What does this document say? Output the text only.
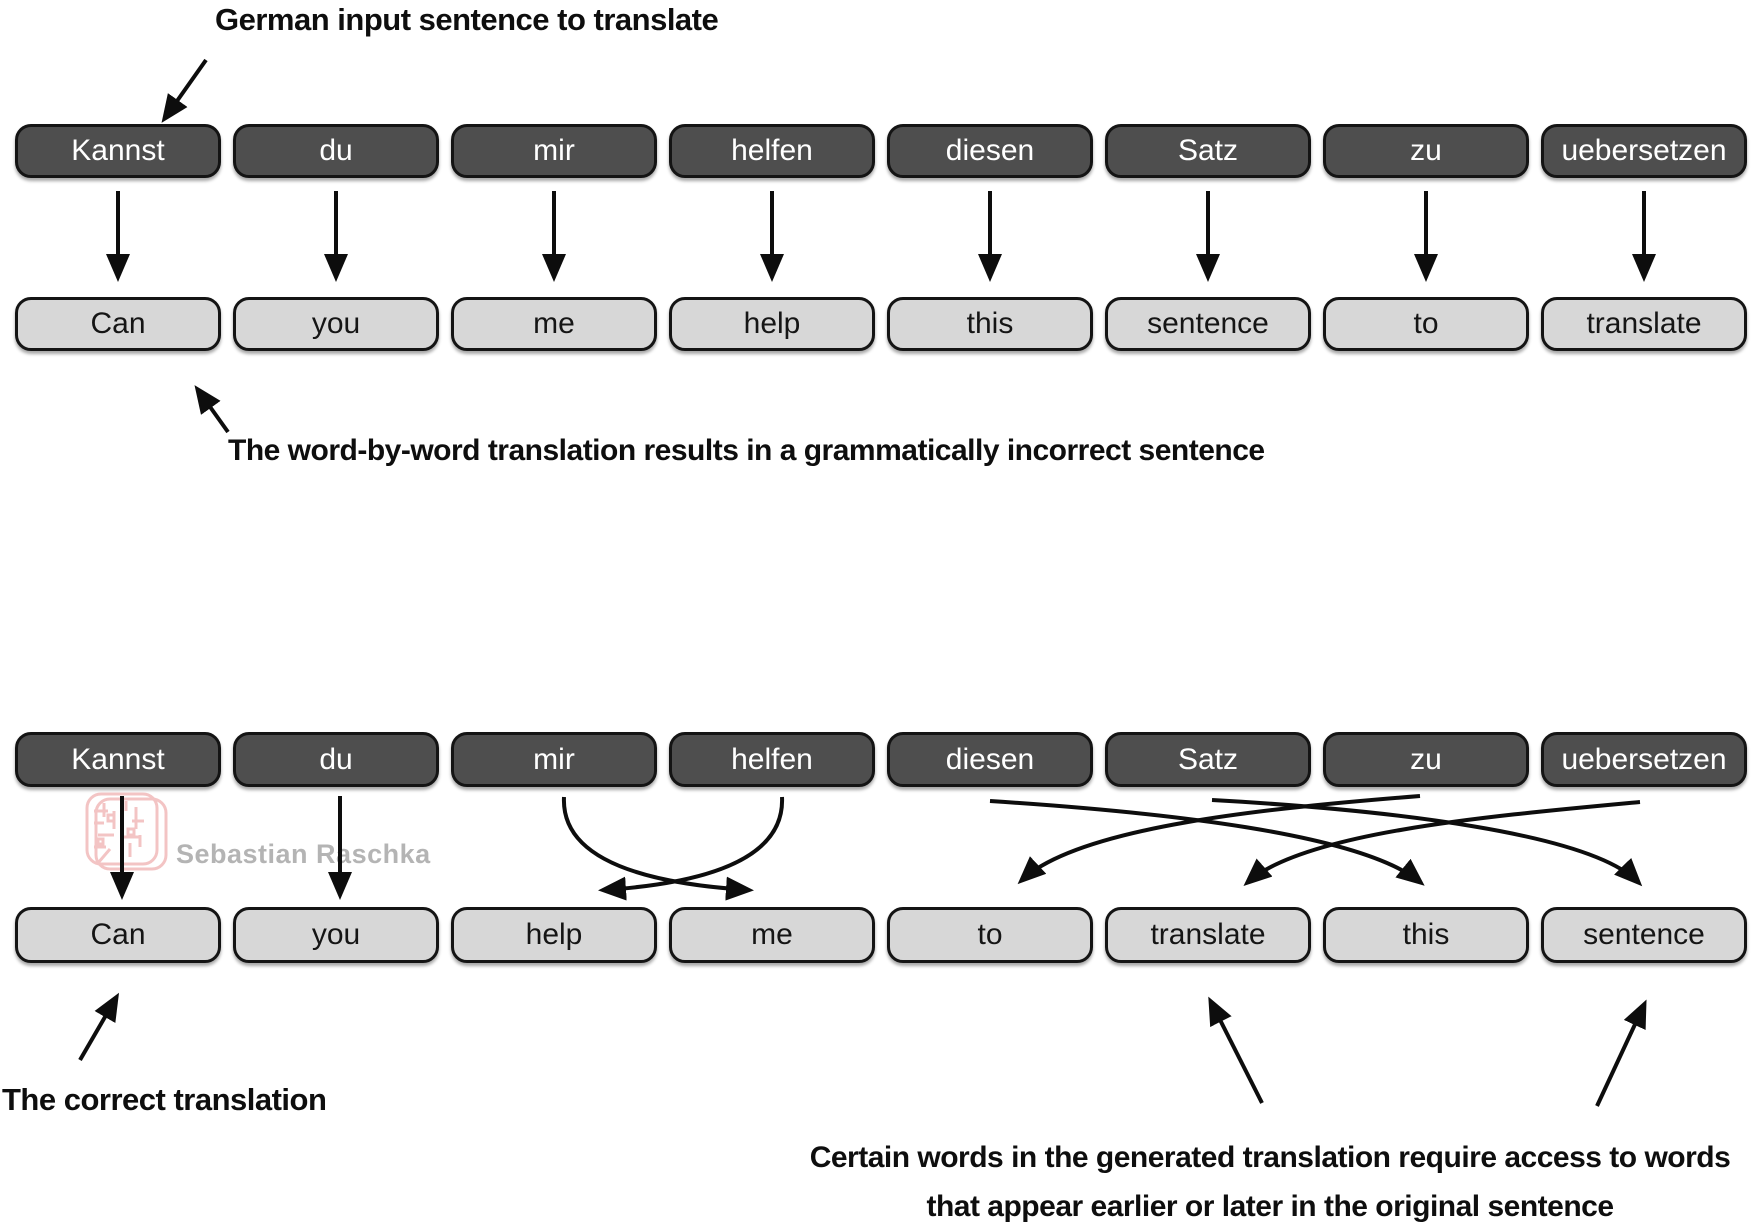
Kannst	du	mir	helfen	diesen	Satz	zu	uebersetzen
Can	you	me	help	this	sentence	to	translate
Kannst	du	mir	helfen	diesen	Satz	zu	uebersetzen
Can	you	help	me	to	translate	this	sentence
German input sentence to translate
The word-by-word translation results in a grammatically incorrect sentence
The correct translation
Certain words in the generated translation require access to words
that appear earlier or later in the original sentence
Sebastian Raschka
